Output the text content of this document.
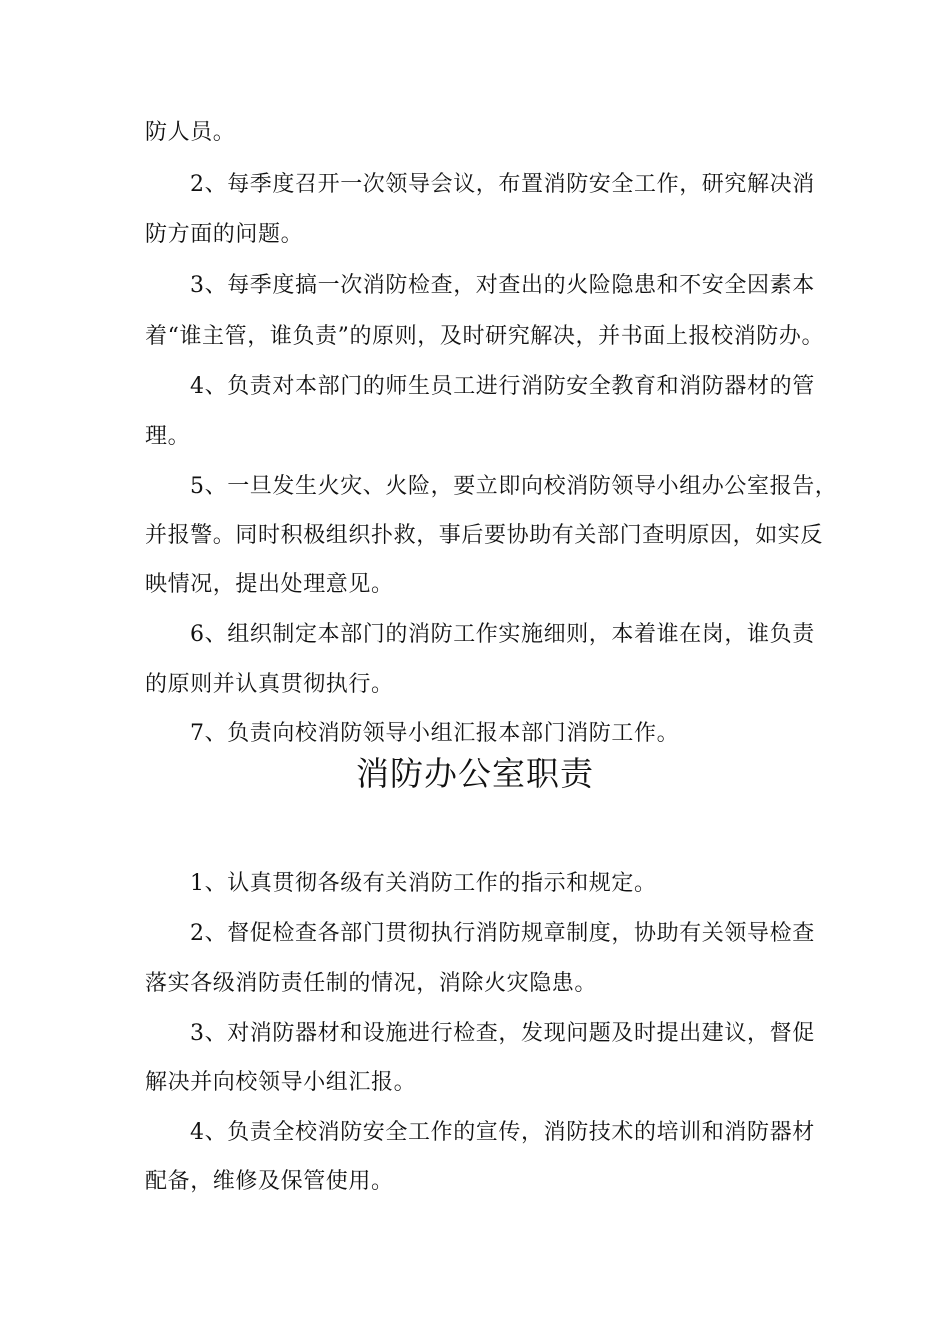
防人员。
2、每季度召开一次领导会议，布置消防安全工作，研究解决消
防方面的问题。
3、每季度搞一次消防检查，对查出的火险隐患和不安全因素本
着“谁主管，谁负责”的原则，及时研究解决，并书面上报校消防办。
4、负责对本部门的师生员工进行消防安全教育和消防器材的管
理。
5、一旦发生火灾、火险，要立即向校消防领导小组办公室报告，
并报警。同时积极组织扑救，事后要协助有关部门查明原因，如实反
映情况，提出处理意见。
6、组织制定本部门的消防工作实施细则，本着谁在岗，谁负责
的原则并认真贯彻执行。
7、负责向校消防领导小组汇报本部门消防工作。
消防办公室职责
1、认真贯彻各级有关消防工作的指示和规定。
2、督促检查各部门贯彻执行消防规章制度，协助有关领导检查
落实各级消防责任制的情况，消除火灾隐患。
3、对消防器材和设施进行检查，发现问题及时提出建议，督促
解决并向校领导小组汇报。
4、负责全校消防安全工作的宣传，消防技术的培训和消防器材
配备，维修及保管使用。
